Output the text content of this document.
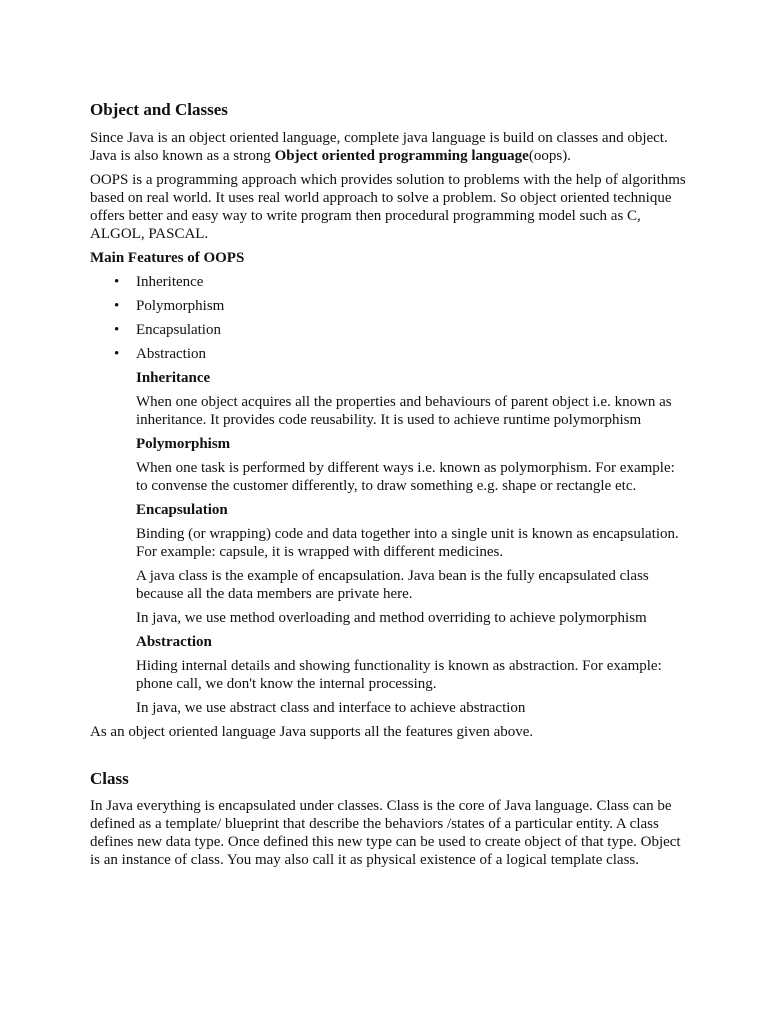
Object and Classes

Since Java is an object oriented language, complete java language is build on classes and object. Java is also known as a strong Object oriented programming language(oops).

OOPS is a programming approach which provides solution to problems with the help of algorithms based on real world. It uses real world approach to solve a problem. So object oriented technique offers better and easy way to write program then procedural programming model such as C, ALGOL, PASCAL.

Main Features of OOPS
• Inheritence
• Polymorphism
• Encapsulation
• Abstraction
Inheritance

When one object acquires all the properties and behaviours of parent object i.e. known as inheritance. It provides code reusability. It is used to achieve runtime polymorphism

Polymorphism

When one task is performed by different ways i.e. known as polymorphism. For example: to convense the customer differently, to draw something e.g. shape or rectangle etc.

Encapsulation

Binding (or wrapping) code and data together into a single unit is known as encapsulation. For example: capsule, it is wrapped with different medicines.

A java class is the example of encapsulation. Java bean is the fully encapsulated class because all the data members are private here.

In java, we use method overloading and method overriding to achieve polymorphism

Abstraction

Hiding internal details and showing functionality is known as abstraction. For example: phone call, we don't know the internal processing.

In java, we use abstract class and interface to achieve abstraction

As an object oriented language Java supports all the features given above.

Class

In Java everything is encapsulated under classes. Class is the core of Java language. Class can be defined as a template/ blueprint that describe the behaviors /states of a particular entity. A class defines new data type. Once defined this new type can be used to create object of that type. Object is an instance of class. You may also call it as physical existence of a logical template class.
